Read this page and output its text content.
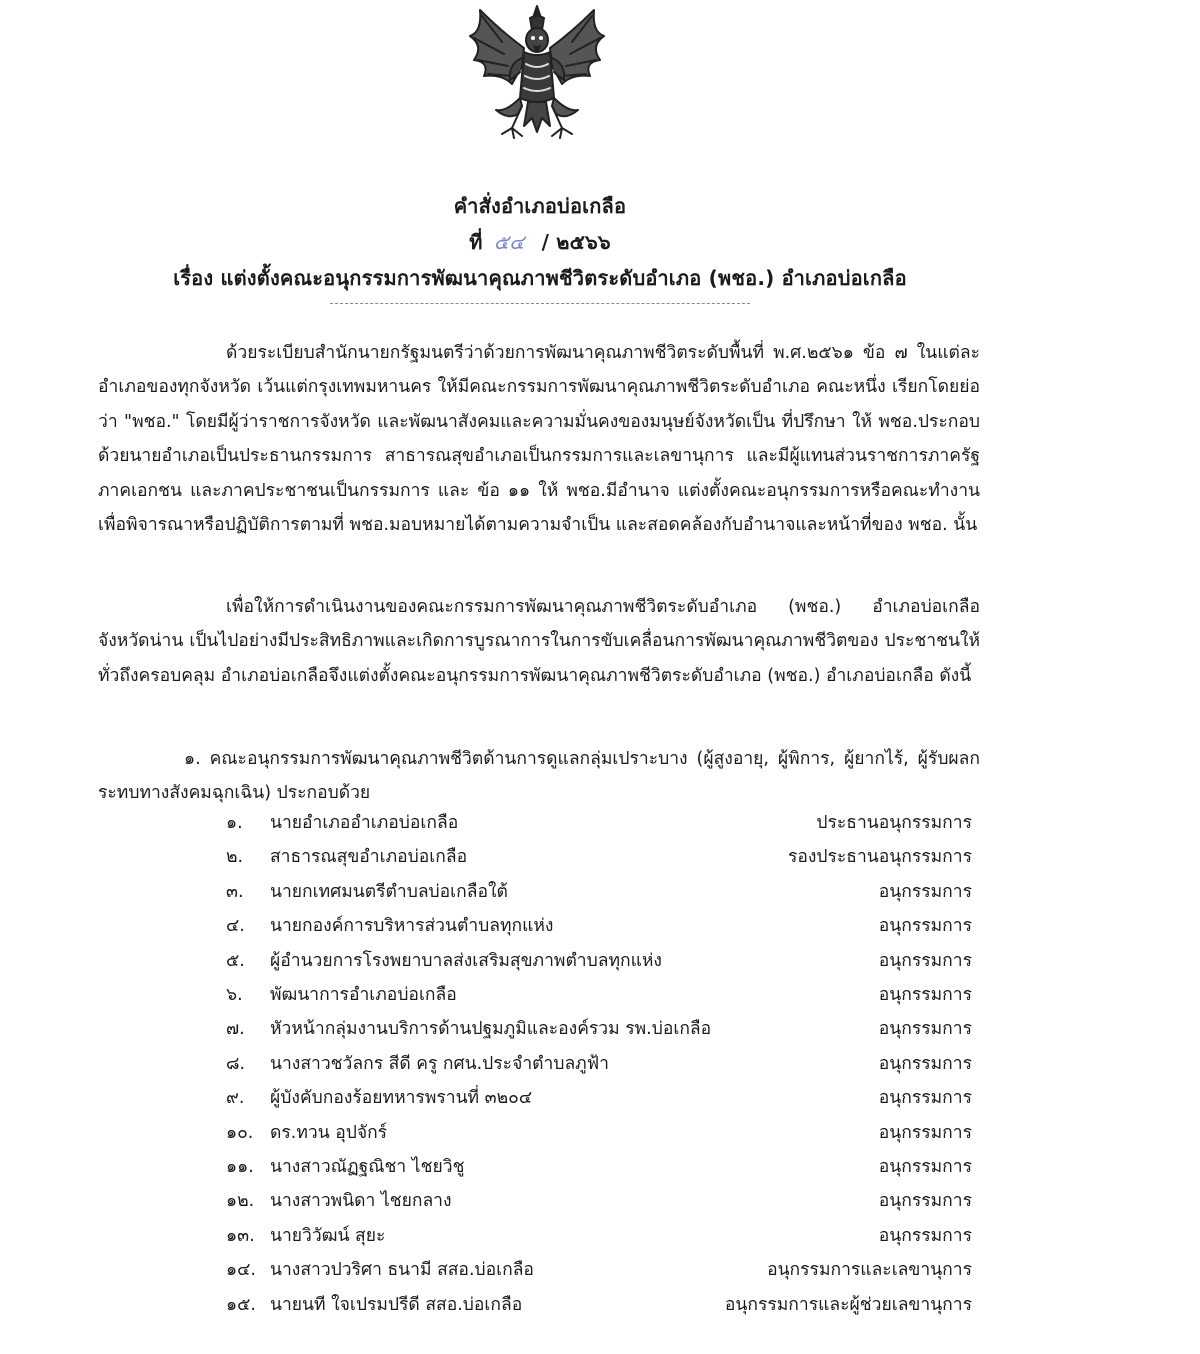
คำสั่งอำเภอบ่อเกลือ
ที่ ๕๔ / ๒๕๖๖
เรื่อง แต่งตั้งคณะอนุกรรมการพัฒนาคุณภาพชีวิตระดับอำเภอ (พชอ.) อำเภอบ่อเกลือ

ด้วยระเบียบสำนักนายกรัฐมนตรีว่าด้วยการพัฒนาคุณภาพชีวิตระดับพื้นที่ พ.ศ.๒๕๖๑ ข้อ ๗ ในแต่ละอำเภอของทุกจังหวัด เว้นแต่กรุงเทพมหานคร ให้มีคณะกรรมการพัฒนาคุณภาพชีวิตระดับอำเภอ คณะหนึ่ง เรียกโดยย่อว่า "พชอ." โดยมีผู้ว่าราชการจังหวัด และพัฒนาสังคมและความมั่นคงของมนุษย์จังหวัดเป็น ที่ปรึกษา ให้ พชอ.ประกอบด้วยนายอำเภอเป็นประธานกรรมการ สาธารณสุขอำเภอเป็นกรรมการและเลขานุการ และมีผู้แทนส่วนราชการภาครัฐ ภาคเอกชน และภาคประชาชนเป็นกรรมการ และ ข้อ ๑๑ ให้ พชอ.มีอำนาจ แต่งตั้งคณะอนุกรรมการหรือคณะทำงานเพื่อพิจารณาหรือปฏิบัติการตามที่ พชอ.มอบหมายได้ตามความจำเป็น และสอดคล้องกับอำนาจและหน้าที่ของ พชอ. นั้น

เพื่อให้การดำเนินงานของคณะกรรมการพัฒนาคุณภาพชีวิตระดับอำเภอ (พชอ.) อำเภอบ่อเกลือ จังหวัดน่าน เป็นไปอย่างมีประสิทธิภาพและเกิดการบูรณาการในการขับเคลื่อนการพัฒนาคุณภาพชีวิตของ ประชาชนให้ทั่วถึงครอบคลุม อำเภอบ่อเกลือจึงแต่งตั้งคณะอนุกรรมการพัฒนาคุณภาพชีวิตระดับอำเภอ (พชอ.) อำเภอบ่อเกลือ ดังนี้

๑. คณะอนุกรรมการพัฒนาคุณภาพชีวิตด้านการดูแลกลุ่มเปราะบาง (ผู้สูงอายุ, ผู้พิการ, ผู้ยากไร้, ผู้รับผลกระทบทางสังคมฉุกเฉิน) ประกอบด้วย

๑.	นายอำเภออำเภอบ่อเกลือ	ประธานอนุกรรมการ
๒.	สาธารณสุขอำเภอบ่อเกลือ	รองประธานอนุกรรมการ
๓.	นายกเทศมนตรีตำบลบ่อเกลือใต้	อนุกรรมการ
๔.	นายกองค์การบริหารส่วนตำบลทุกแห่ง	อนุกรรมการ
๕.	ผู้อำนวยการโรงพยาบาลส่งเสริมสุขภาพตำบลทุกแห่ง	อนุกรรมการ
๖.	พัฒนาการอำเภอบ่อเกลือ	อนุกรรมการ
๗.	หัวหน้ากลุ่มงานบริการด้านปฐมภูมิและองค์รวม รพ.บ่อเกลือ	อนุกรรมการ
๘.	นางสาวชวัลกร สีดี ครู กศน.ประจำตำบลภูฟ้า	อนุกรรมการ
๙.	ผู้บังคับกองร้อยทหารพรานที่ ๓๒๐๔	อนุกรรมการ
๑๐. ดร.ทวน อุปจักร์	อนุกรรมการ
๑๑. นางสาวณัฏฐณิชา ไชยวิชู	อนุกรรมการ
๑๒. นางสาวพนิดา ไชยกลาง	อนุกรรมการ
๑๓. นายวิวัฒน์ สุยะ	อนุกรรมการ
๑๔. นางสาวปวริศา ธนามี สสอ.บ่อเกลือ	อนุกรรมการและเลขานุการ
๑๕. นายนที ใจเปรมปรีดี สสอ.บ่อเกลือ	อนุกรรมการและผู้ช่วยเลขานุการ
